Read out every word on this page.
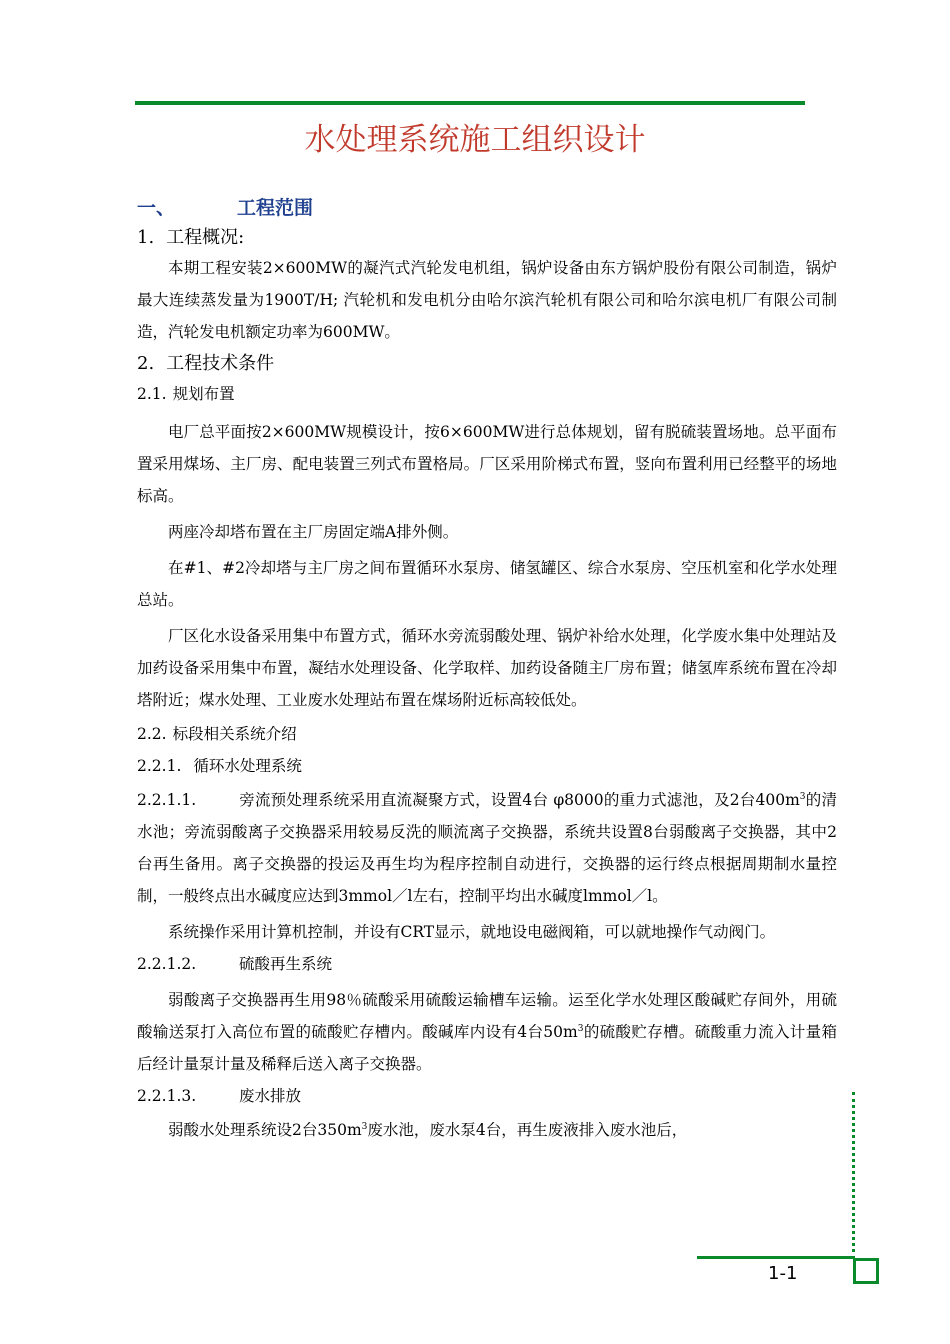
水处理系统施工组织设计
一、	工程范围
1. 工程概况:

本期工程安装2×600MW的凝汽式汽轮发电机组，锅炉设备由东方锅炉股份有限公司制造，锅炉最大连续蒸发量为1900T/H; 汽轮机和发电机分由哈尔滨汽轮机有限公司和哈尔滨电机厂有限公司制造，汽轮发电机额定功率为600MW。

2. 工程技术条件
2.1. 规划布置

电厂总平面按2×600MW规模设计，按6×600MW进行总体规划，留有脱硫装置场地。总平面布置采用煤场、主厂房、配电装置三列式布置格局。厂区采用阶梯式布置，竖向布置利用已经整平的场地标高。

两座冷却塔布置在主厂房固定端A排外侧。

在#1、#2冷却塔与主厂房之间布置循环水泵房、储氢罐区、综合水泵房、空压机室和化学水处理总站。

厂区化水设备采用集中布置方式，循环水旁流弱酸处理、锅炉补给水处理，化学废水集中处理站及加药设备采用集中布置，凝结水处理设备、化学取样、加药设备随主厂房布置；储氢库系统布置在冷却塔附近；煤水处理、工业废水处理站布置在煤场附近标高较低处。

2.2. 标段相关系统介绍
2.2.1. 循环水处理系统

2.2.1.1.	旁流预处理系统采用直流凝聚方式，设置4台 φ8000的重力式滤池，及2台$400m^3$的清水池；旁流弱酸离子交换器采用较易反洗的顺流离子交换器，系统共设置8台弱酸离子交换器，其中2台再生备用。离子交换器的投运及再生均为程序控制自动进行，交换器的运行终点根据周期制水量控制，一般终点出水碱度应达到3mmol／l左右，控制平均出水碱度lmmol／l。

系统操作采用计算机控制，并设有CRT显示，就地设电磁阀箱，可以就地操作气动阀门。

2.2.1.2.	硫酸再生系统

弱酸离子交换器再生用98％硫酸采用硫酸运输槽车运输。运至化学水处理区酸碱贮存间外，用硫酸输送泵打入高位布置的硫酸贮存槽内。酸碱库内设有4台$50m^3$的硫酸贮存槽。硫酸重力流入计量箱后经计量泵计量及稀释后送入离子交换器。

2.2.1.3.	废水排放

弱酸水处理系统设2台$350m^3$废水池，废水泵4台，再生废液排入废水池后，

1-1
